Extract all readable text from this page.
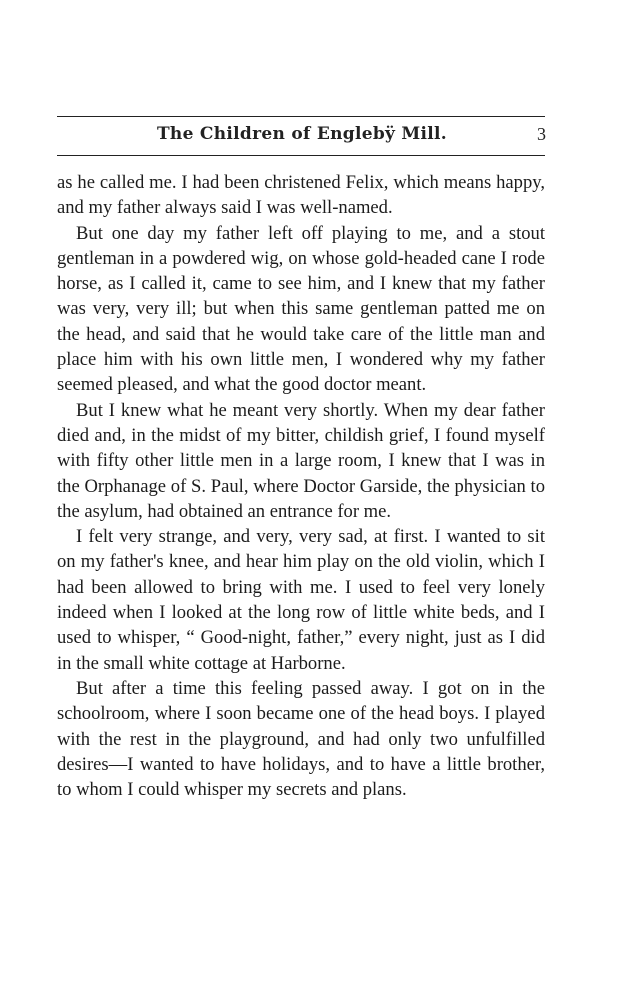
The Children of Englebÿ Mill.	3

as he called me. I had been christened Felix, which means happy, and my father always said I was well-named.

But one day my father left off playing to me, and a stout gentleman in a powdered wig, on whose gold-headed cane I rode horse, as I called it, came to see him, and I knew that my father was very, very ill; but when this same gentleman patted me on the head, and said that he would take care of the little man and place him with his own little men, I wondered why my father seemed pleased, and what the good doctor meant.

But I knew what he meant very shortly. When my dear father died and, in the midst of my bitter, childish grief, I found myself with fifty other little men in a large room, I knew that I was in the Orphanage of S. Paul, where Doctor Garside, the physician to the asylum, had obtained an entrance for me.

I felt very strange, and very, very sad, at first. I wanted to sit on my father's knee, and hear him play on the old violin, which I had been allowed to bring with me. I used to feel very lonely indeed when I looked at the long row of little white beds, and I used to whisper, “ Good-night, father,” every night, just as I did in the small white cottage at Harborne.

But after a time this feeling passed away. I got on in the schoolroom, where I soon became one of the head boys. I played with the rest in the playground, and had only two unfulfilled desires—I wanted to have holidays, and to have a little brother, to whom I could whisper my secrets and plans.
